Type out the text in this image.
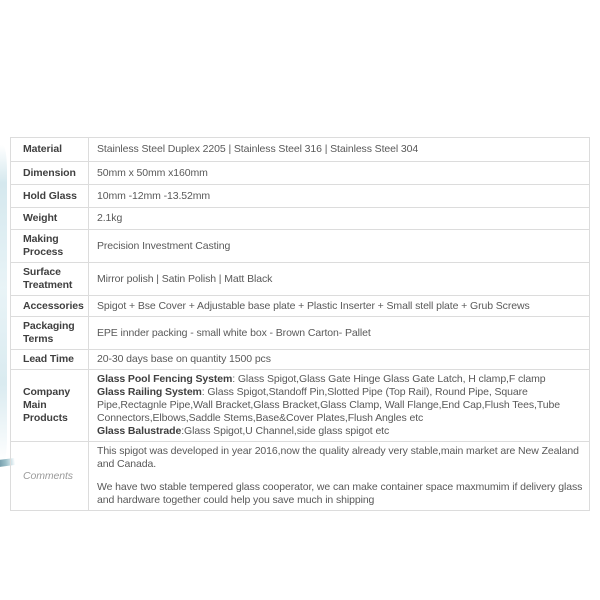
Material	Stainless Steel Duplex 2205 | Stainless Steel 316 | Stainless Steel 304
Dimension	50mm x 50mm x160mm
Hold Glass	10mm -12mm -13.52mm
Weight	2.1kg
Making Process	Precision Investment Casting
Surface Treatment	Mirror polish | Satin Polish | Matt Black
Accessories	Spigot + Bse Cover + Adjustable base plate + Plastic Inserter + Small stell plate + Grub Screws
Packaging Terms	EPE innder packing - small white box - Brown Carton- Pallet
Lead Time	20-30 days base on quantity 1500 pcs
Company Main Products	Glass Pool Fencing System: Glass Spigot,Glass Gate Hinge Glass Gate Latch, H clamp,F clamp
Glass Railing System: Glass Spigot,Standoff Pin,Slotted Pipe (Top Rail), Round Pipe, Square Pipe,Rectagnle Pipe,Wall Bracket,Glass Bracket,Glass Clamp, Wall Flange,End Cap,Flush Tees,Tube Connectors,Elbows,Saddle Stems,Base&Cover Plates,Flush Angles etc
Glass Balustrade:Glass Spigot,U Channel,side glass spigot etc

Comments	This spigot was developed in year 2016,now the quality already very stable,main market are New Zealand and Canada.
We have two stable tempered glass cooperator, we can make container space maxmumim if delivery glass and hardware together could help you save much in shipping
